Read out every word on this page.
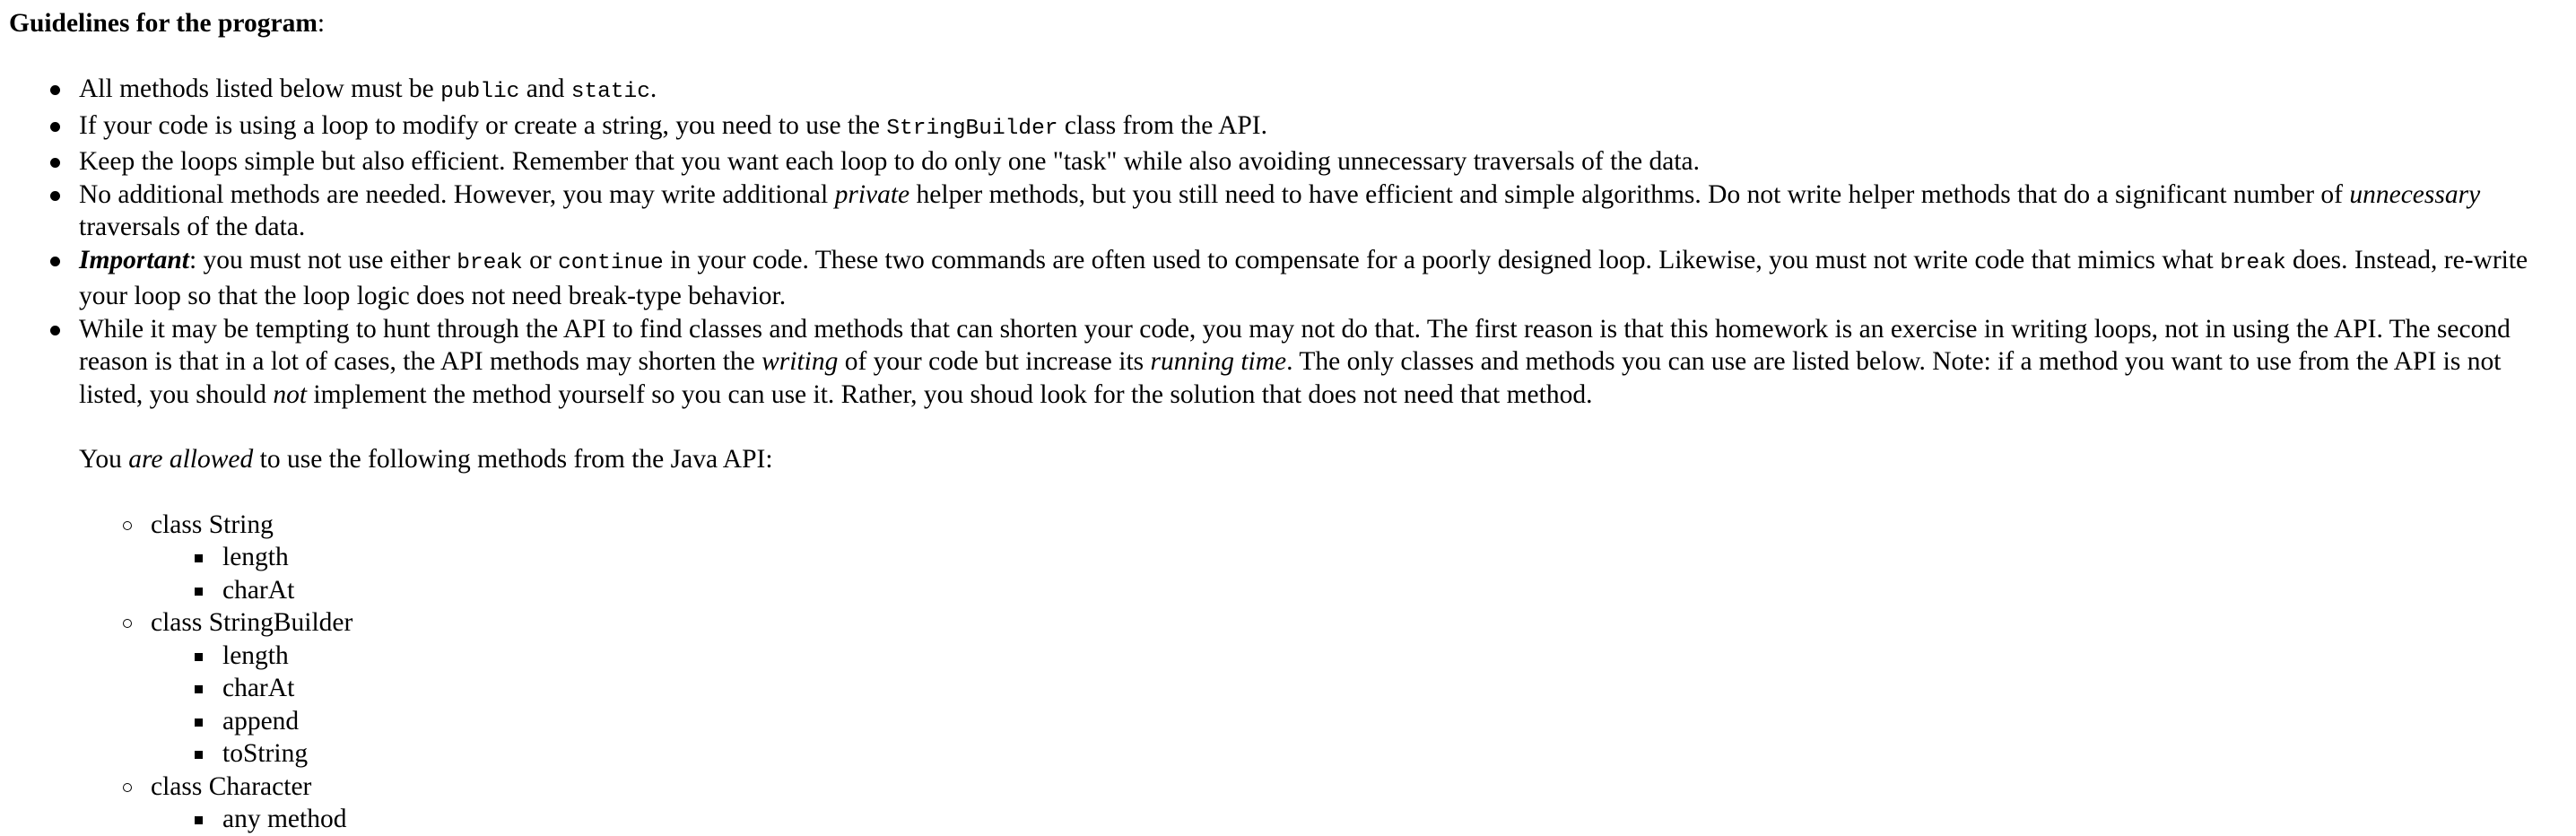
Guidelines for the program:

All methods listed below must be public and static.
If your code is using a loop to modify or create a string, you need to use the StringBuilder class from the API.
Keep the loops simple but also efficient. Remember that you want each loop to do only one "task" while also avoiding unnecessary traversals of the data.
No additional methods are needed. However, you may write additional private helper methods, but you still need to have efficient and simple algorithms. Do not write helper methods that do a significant number of unnecessary traversals of the data.
Important: you must not use either break or continue in your code. These two commands are often used to compensate for a poorly designed loop. Likewise, you must not write code that mimics what break does. Instead, re-write your loop so that the loop logic does not need break-type behavior.
While it may be tempting to hunt through the API to find classes and methods that can shorten your code, you may not do that. The first reason is that this homework is an exercise in writing loops, not in using the API. The second reason is that in a lot of cases, the API methods may shorten the writing of your code but increase its running time. The only classes and methods you can use are listed below. Note: if a method you want to use from the API is not listed, you should not implement the method yourself so you can use it. Rather, you shoud look for the solution that does not need that method.

You are allowed to use the following methods from the Java API:

class String
length
charAt
class StringBuilder
length
charAt
append
toString
class Character
any method
